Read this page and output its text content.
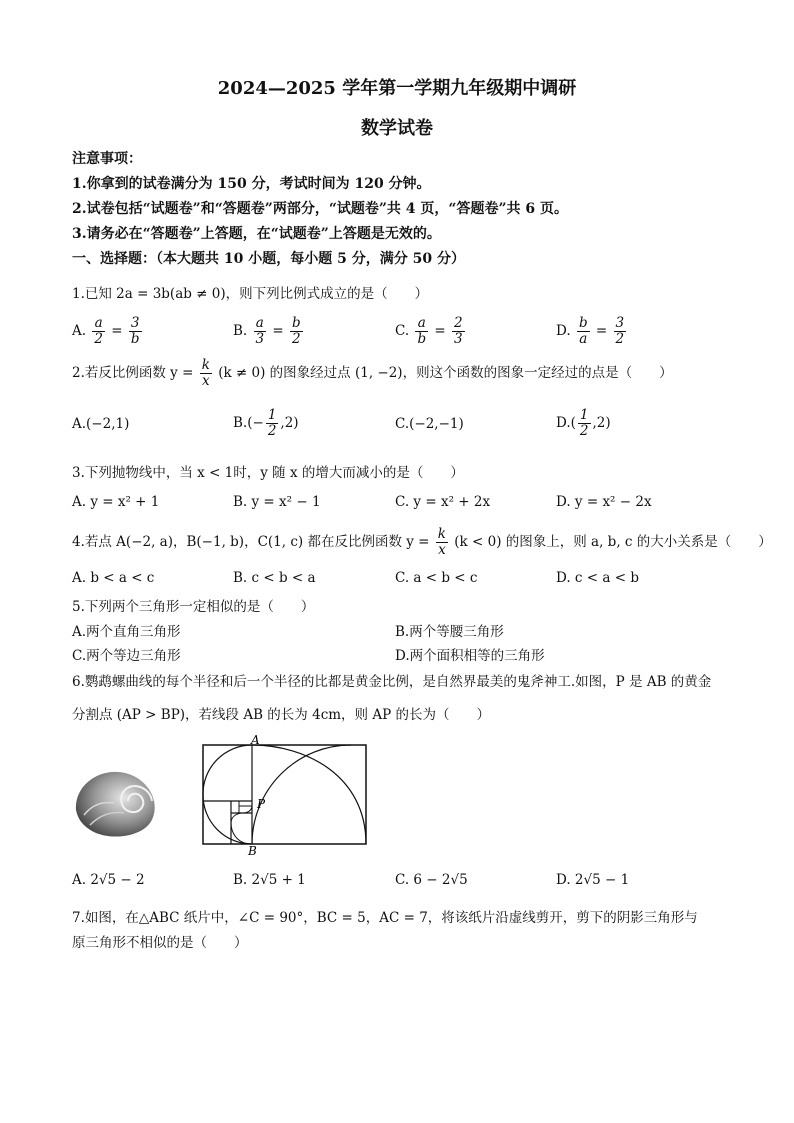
2024—2025 学年第一学期九年级期中调研
数学试卷
注意事项：
1.你拿到的试卷满分为 150 分，考试时间为 120 分钟。
2.试卷包括“试题卷”和“答题卷”两部分，“试题卷”共 4 页，“答题卷”共 6 页。
3.请务必在“答题卷”上答题，在“试题卷”上答题是无效的。
一、选择题：（本大题共 10 小题，每小题 5 分，满分 50 分）
1.已知 2a = 3b(ab ≠ 0)，则下列比例式成立的是（　　）
A. $\frac{a}{2} = \frac{3}{b}$	B. $\frac{a}{3} = \frac{b}{2}$	C. $\frac{a}{b} = \frac{2}{3}$	D. $\frac{b}{a} = \frac{3}{2}$
2.若反比例函数 $y = \frac{k}{x} (k \ne 0)$ 的图象经过点 (1, −2)，则这个函数的图象一定经过的点是（　　）
A.(−2,1)	$B.(- \frac{1}{2} ,2)$	C.(−2,−1)	$D.( \frac{1}{2} ,2)$
3.下列抛物线中，当 x < 1时，y 随 x 的增大而减小的是（　　）
A. y = x² + 1	B. y = x² − 1	C. y = x² + 2x	D. y = x² − 2x
4.若点 A(−2, a)，B(−1, b)，C(1, c) 都在反比例函数 $y = \frac{k}{x} (k < 0)$ 的图象上，则 a, b, c 的大小关系是（　　）
A. b < a < c	B. c < b < a	C. a < b < c	D. c < a < b
5.下列两个三角形一定相似的是（　　）
A.两个直角三角形	B.两个等腰三角形
C.两个等边三角形	D.两个面积相等的三角形
6.鹦鹉螺曲线的每个半径和后一个半径的比都是黄金比例，是自然界最美的鬼斧神工.如图，P 是 AB 的黄金
分割点 (AP > BP)，若线段 AB 的长为 4cm，则 AP 的长为（　　）
A
P
B
A. 2√5 − 2	B. 2√5 + 1	C. 6 − 2√5	D. 2√5 − 1
7.如图，在△ABC 纸片中，∠C = 90°，BC = 5，AC = 7，将该纸片沿虚线剪开，剪下的阴影三角形与
原三角形不相似的是（　　）
